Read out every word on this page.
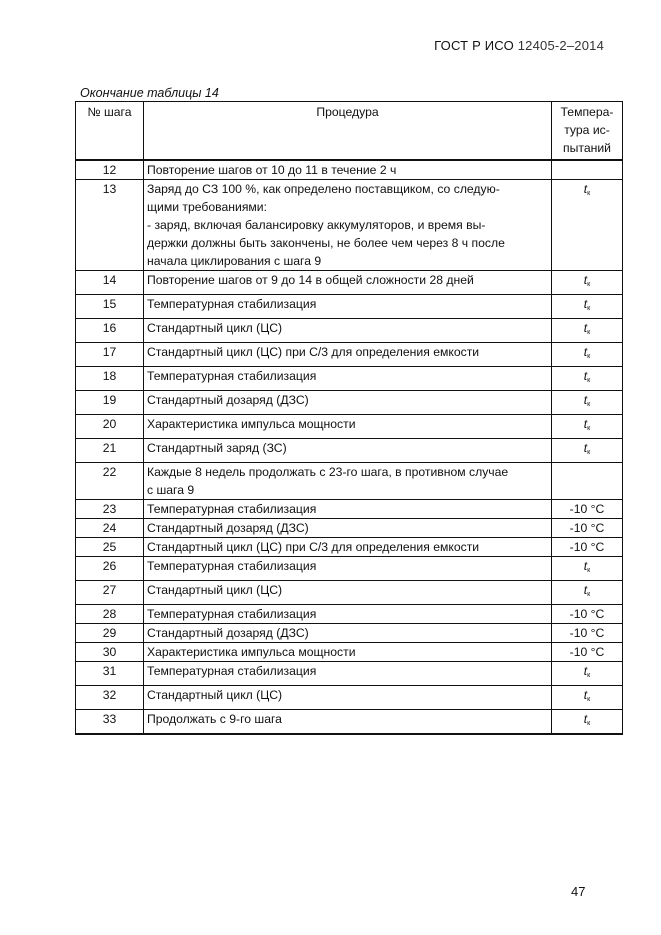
ГОСТ Р ИСО 12405-2–2014
Окончание таблицы 14
№ шага	Процедура	Темпера-
тура ис-
пытаний

12	Повторение шагов от 10 до 11 в течение 2 ч	
13	Заряд до СЗ 100 %, как определено поставщиком, со следую-
щими требованиями:
- заряд, включая балансировку аккумуляторов, и время вы-
держки должны быть закончены, не более чем через 8 ч после
начала циклирования с шага 9	$t_к$
14	Повторение шагов от 9 до 14 в общей сложности 28 дней	$t_к$
15	Температурная стабилизация	$t_к$
16	Стандартный цикл (ЦС)	$t_к$
17	Стандартный цикл (ЦС) при С/3 для определения емкости	$t_к$
18	Температурная стабилизация	$t_к$
19	Стандартный дозаряд (ДЗС)	$t_к$
20	Характеристика импульса мощности	$t_к$
21	Стандартный заряд (ЗС)	$t_к$
22	Каждые 8 недель продолжать с 23-го шага, в противном случае
с шага 9	

23	Температурная стабилизация	-10 °С
24	Стандартный дозаряд (ДЗС)	-10 °С
25	Стандартный цикл (ЦС) при С/3 для определения емкости	-10 °С
26	Температурная стабилизация	$t_к$
27	Стандартный цикл (ЦС)	$t_к$
28	Температурная стабилизация	-10 °С
29	Стандартный дозаряд (ДЗС)	-10 °С
30	Характеристика импульса мощности	-10 °С
31	Температурная стабилизация	$t_к$
32	Стандартный цикл (ЦС)	$t_к$
33	Продолжать с 9-го шага	$t_к$
47
